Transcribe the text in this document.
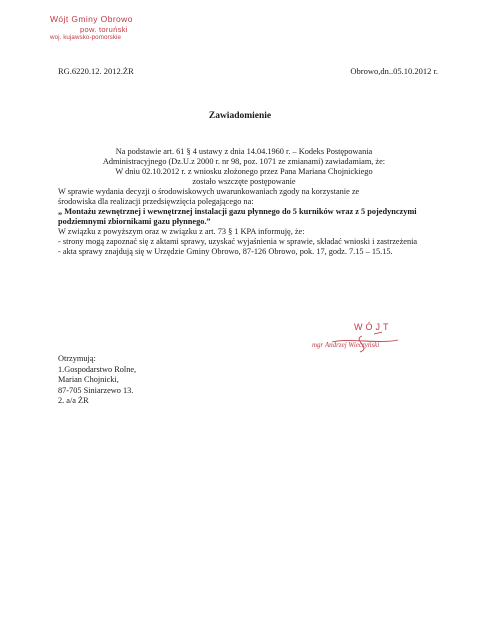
Wójt Gminy Obrowo
pow. toruński
woj. kujawsko-pomorskie
RG.6220.12. 2012.ŻR	Obrowo,dn..05.10.2012 r.
Zawiadomienie

Na podstawie art. 61 § 4 ustawy z dnia 14.04.1960 r. – Kodeks Postępowania

Administracyjnego (Dz.U.z 2000 r. nr 98, poz. 1071 ze zmianami) zawiadamiam, że:

W dniu 02.10.2012 r. z wniosku złożonego przez Pana Mariana Chojnickiego

zostało wszczęte postępowanie

W sprawie wydania decyzji o środowiskowych uwarunkowaniach zgody na korzystanie ze

środowiska dla realizacji przedsięwzięcia polegającego na:

„ Montażu zewnętrznej i wewnętrznej instalacji gazu płynnego do 5 kurników wraz z 5 pojedynczymi podziemnymi zbiornikami gazu płynnego.”

W związku z powyższym oraz w związku z art. 73 § 1 KPA informuję, że:

- strony mogą zapoznać się z aktami sprawy, uzyskać wyjaśnienia w sprawie, składać wnioski i zastrzeżenia

- akta sprawy znajdują się w Urzędzie Gminy Obrowo, 87-126 Obrowo, pok. 17, godz. 7.15 – 15.15.

WÓJT
mgr Andrzej Wieczyński

Otrzymują:

1.Gospodarstwo Rolne,

Marian Chojnicki,

87-705 Siniarzewo 13.

2. a/a ŻR
